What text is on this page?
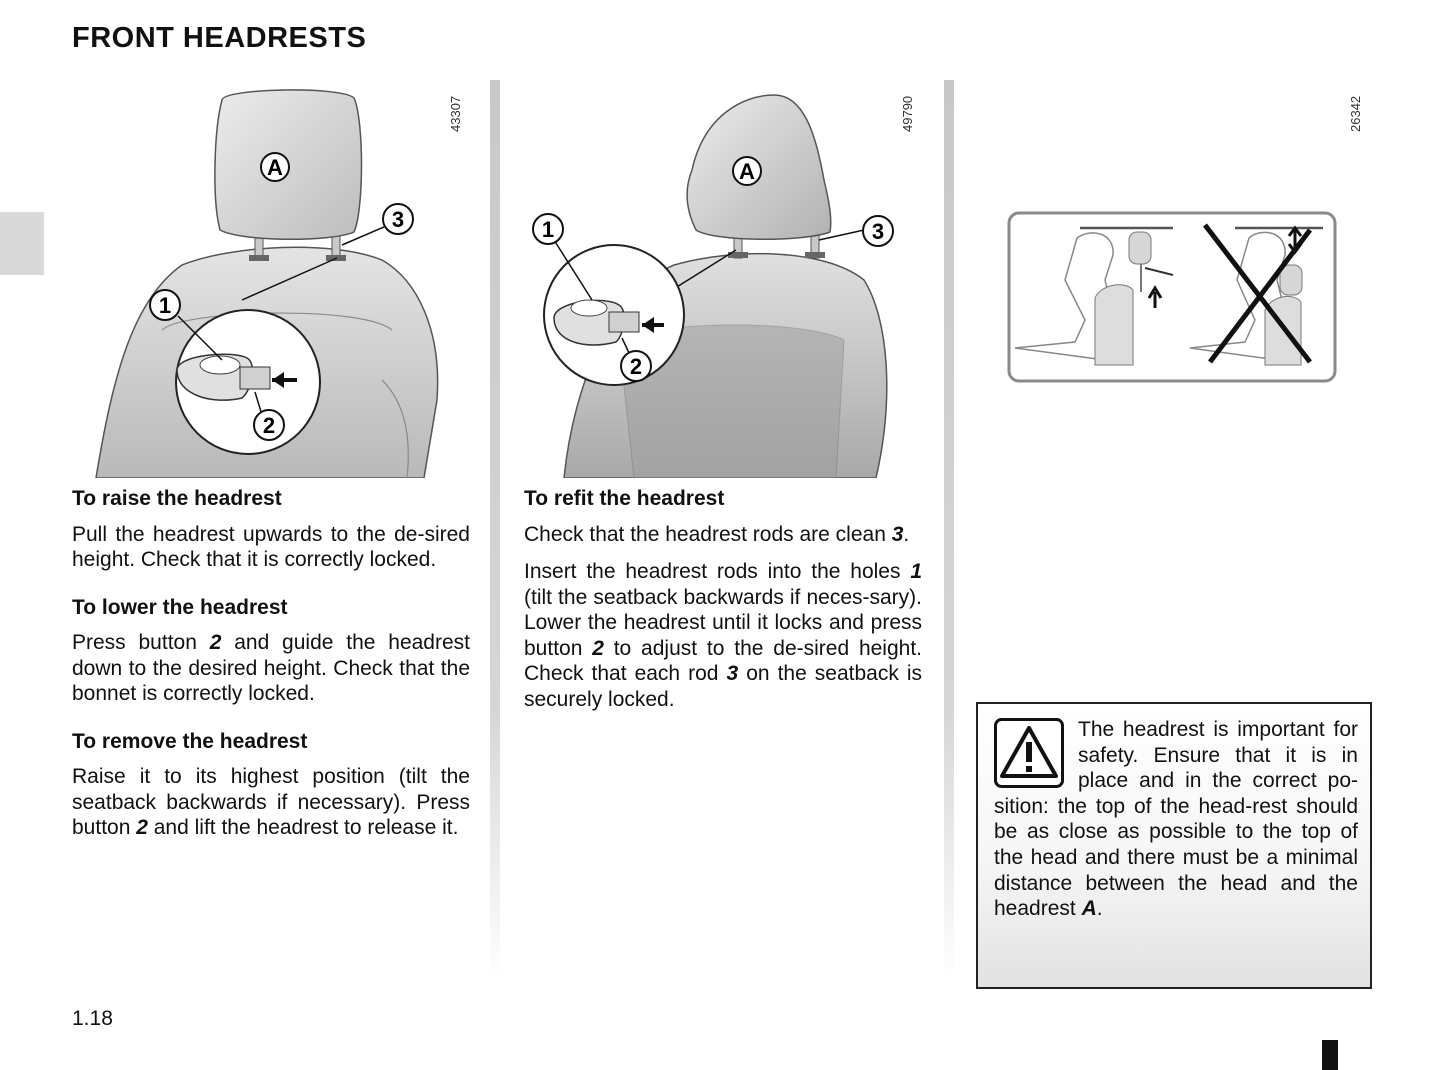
FRONT HEADRESTS
A
3
1
2
43307
A
3
1
2
49790	26342
To raise the headrest

Pull the headrest upwards to the de-sired height. Check that it is correctly locked.

To lower the headrest

Press button 2 and guide the headrest down to the desired height. Check that the bonnet is correctly locked.

To remove the headrest

Raise it to its highest position (tilt the seatback backwards if necessary). Press button 2 and lift the headrest to release it.

To refit the headrest

Check that the headrest rods are clean 3.

Insert the headrest rods into the holes 1 (tilt the seatback backwards if neces-sary). Lower the headrest until it locks and press button 2 to adjust to the de-sired height. Check that each rod 3 on the seatback is securely locked.

The headrest is important for safety. Ensure that it is in place and in the correct po-sition: the top of the head-rest should be as close as possible to the top of the head and there must be a minimal distance between the head and the headrest A.
1.18
